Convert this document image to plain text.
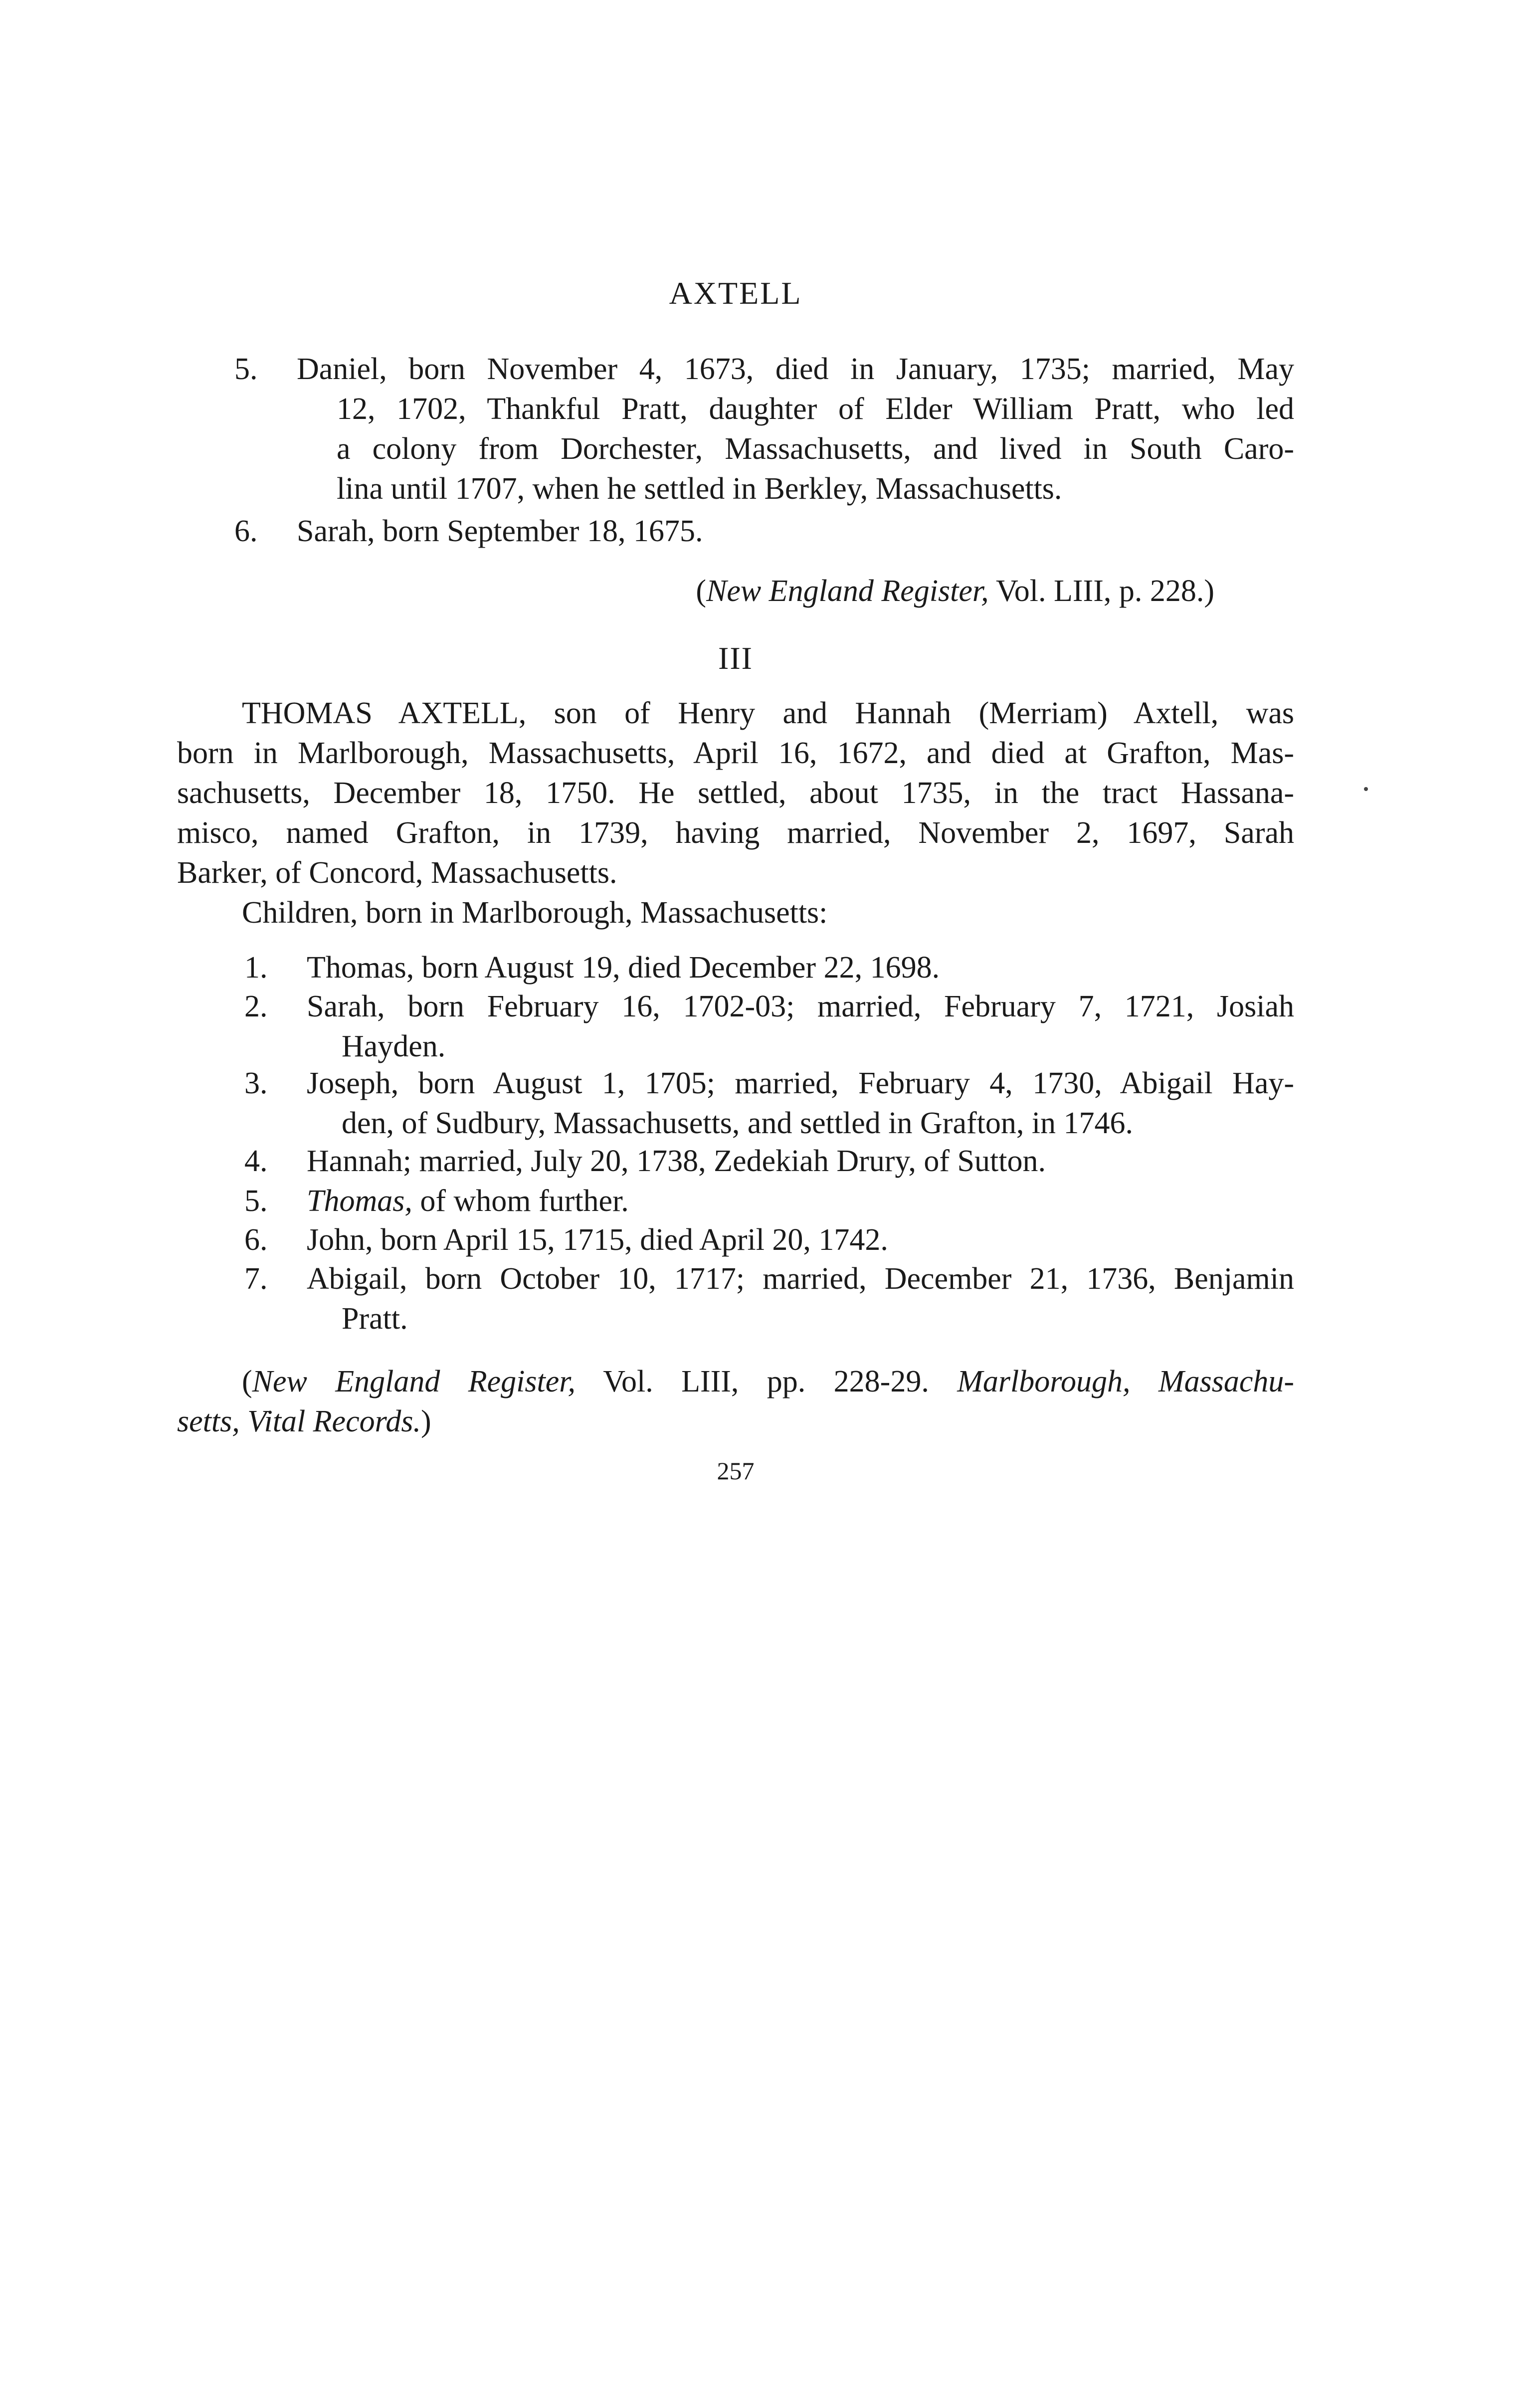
AXTELL
5.	Daniel, born November 4, 1673, died in January, 1735; married, May
12, 1702, Thankful Pratt, daughter of Elder William Pratt, who led
a colony from Dorchester, Massachusetts, and lived in South Caro-
lina until 1707, when he settled in Berkley, Massachusetts.
6.	Sarah, born September 18, 1675.
(New England Register, Vol. LIII, p. 228.)
III
THOMAS AXTELL, son of Henry and Hannah (Merriam) Axtell, was
born in Marlborough, Massachusetts, April 16, 1672, and died at Grafton, Mas-
sachusetts, December 18, 1750. He settled, about 1735, in the tract Hassana-
misco, named Grafton, in 1739, having married, November 2, 1697, Sarah
Barker, of Concord, Massachusetts.
Children, born in Marlborough, Massachusetts:
1.	Thomas, born August 19, died December 22, 1698.
2.	Sarah, born February 16, 1702-03; married, February 7, 1721, Josiah
Hayden.
3.	Joseph, born August 1, 1705; married, February 4, 1730, Abigail Hay-
den, of Sudbury, Massachusetts, and settled in Grafton, in 1746.
4.	Hannah; married, July 20, 1738, Zedekiah Drury, of Sutton.
5.	Thomas, of whom further.
6.	John, born April 15, 1715, died April 20, 1742.
7.	Abigail, born October 10, 1717; married, December 21, 1736, Benjamin
Pratt.
(New England Register, Vol. LIII, pp. 228-29. Marlborough, Massachu-
setts, Vital Records.)
257
